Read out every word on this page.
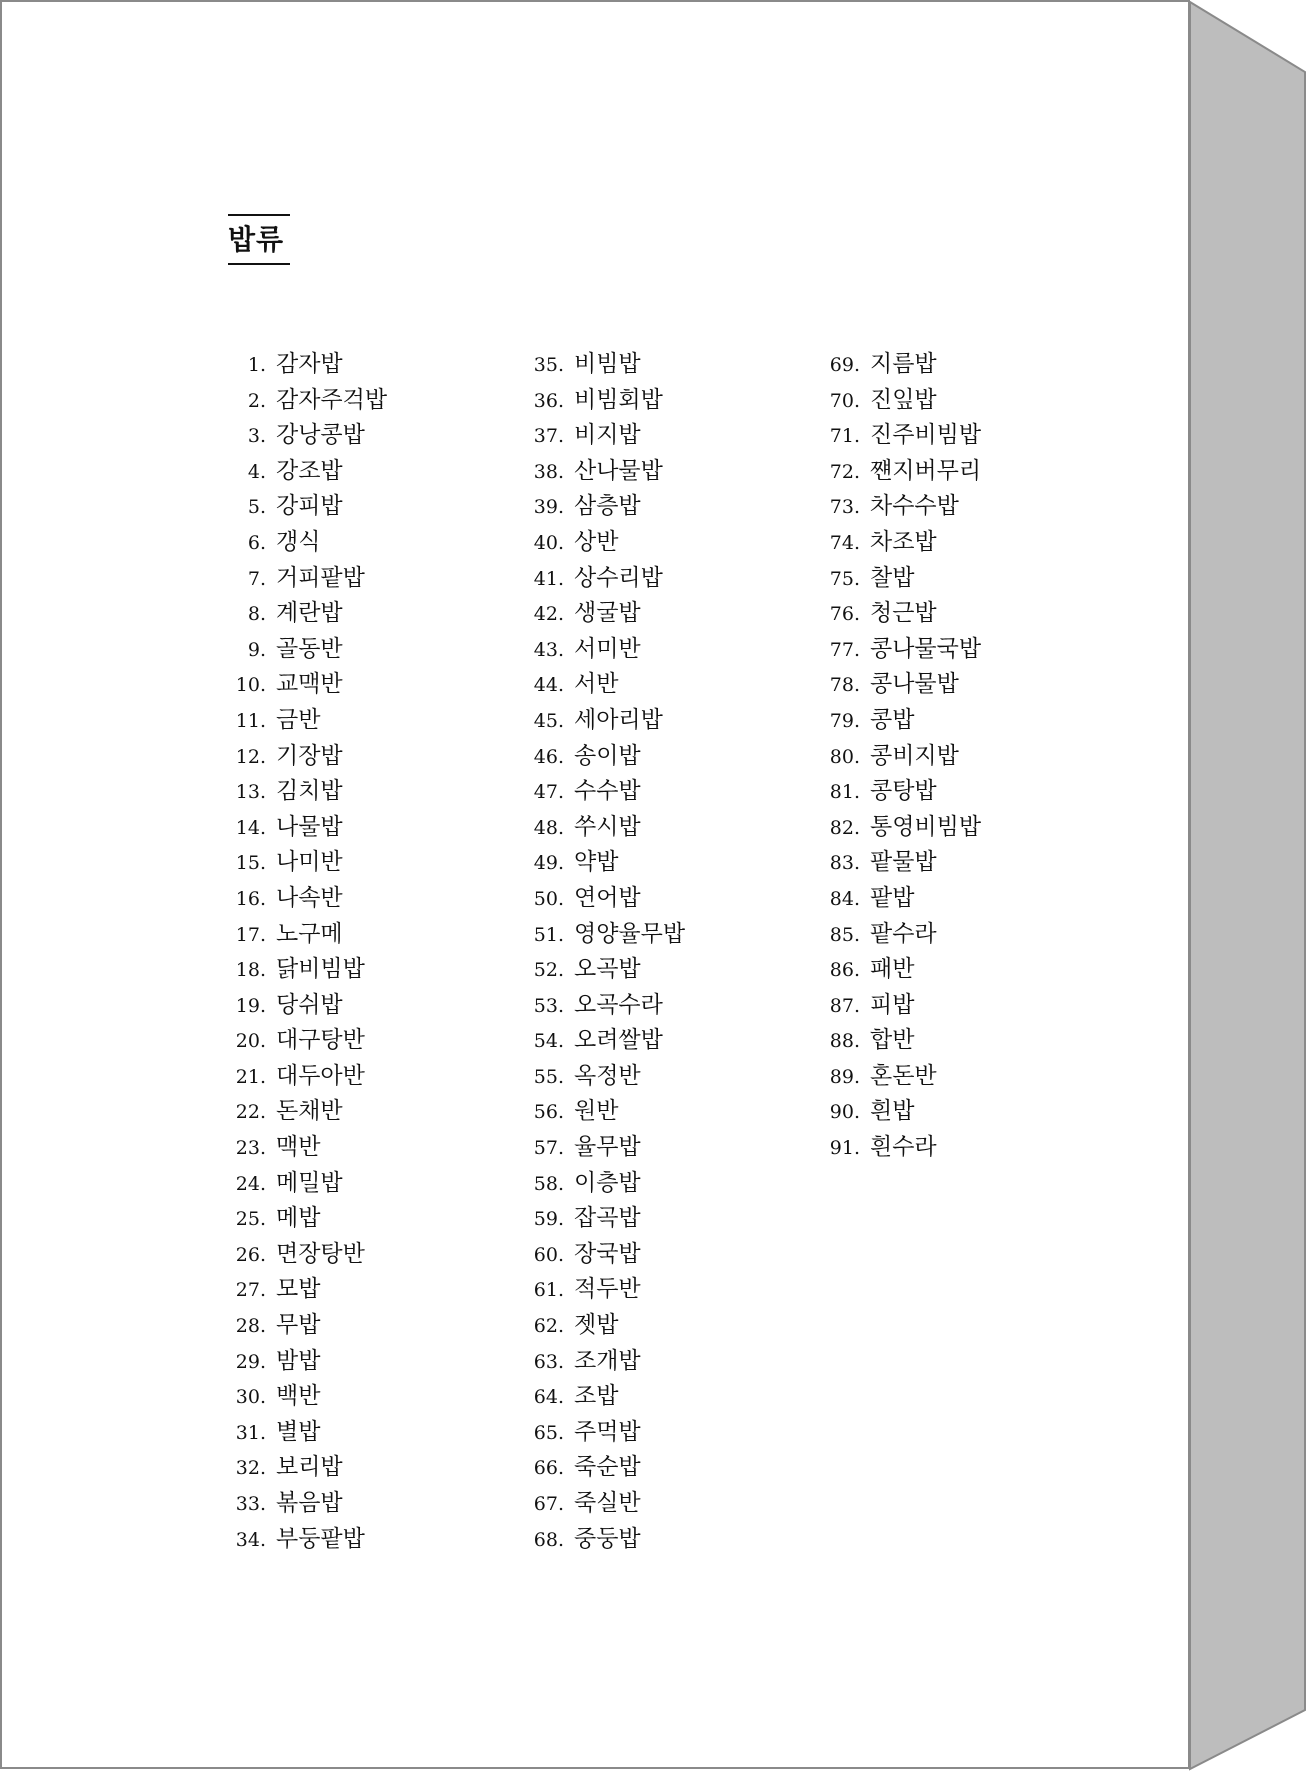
밥류
1. 감자밥
2. 감자주걱밥
3. 강낭콩밥
4. 강조밥
5. 강피밥
6. 갱식
7. 거피팥밥
8. 계란밥
9. 골동반
10. 교맥반
11. 금반
12. 기장밥
13. 김치밥
14. 나물밥
15. 나미반
16. 나속반
17. 노구메
18. 닭비빔밥
19. 당쉬밥
20. 대구탕반
21. 대두아반
22. 돈채반
23. 맥반
24. 메밀밥
25. 메밥
26. 면장탕반
27. 모밥
28. 무밥
29. 밤밥
30. 백반
31. 별밥
32. 보리밥
33. 볶음밥
34. 부둥팥밥
35. 비빔밥
36. 비빔회밥
37. 비지밥
38. 산나물밥
39. 삼층밥
40. 상반
41. 상수리밥
42. 생굴밥
43. 서미반
44. 서반
45. 세아리밥
46. 송이밥
47. 수수밥
48. 쑤시밥
49. 약밥
50. 연어밥
51. 영양율무밥
52. 오곡밥
53. 오곡수라
54. 오려쌀밥
55. 옥정반
56. 원반
57. 율무밥
58. 이층밥
59. 잡곡밥
60. 장국밥
61. 적두반
62. 젯밥
63. 조개밥
64. 조밥
65. 주먹밥
66. 죽순밥
67. 죽실반
68. 중둥밥
69. 지름밥
70. 진잎밥
71. 진주비빔밥
72. 쨴지버무리
73. 차수수밥
74. 차조밥
75. 찰밥
76. 청근밥
77. 콩나물국밥
78. 콩나물밥
79. 콩밥
80. 콩비지밥
81. 콩탕밥
82. 통영비빔밥
83. 팥물밥
84. 팥밥
85. 팥수라
86. 패반
87. 피밥
88. 합반
89. 혼돈반
90. 흰밥
91. 흰수라
